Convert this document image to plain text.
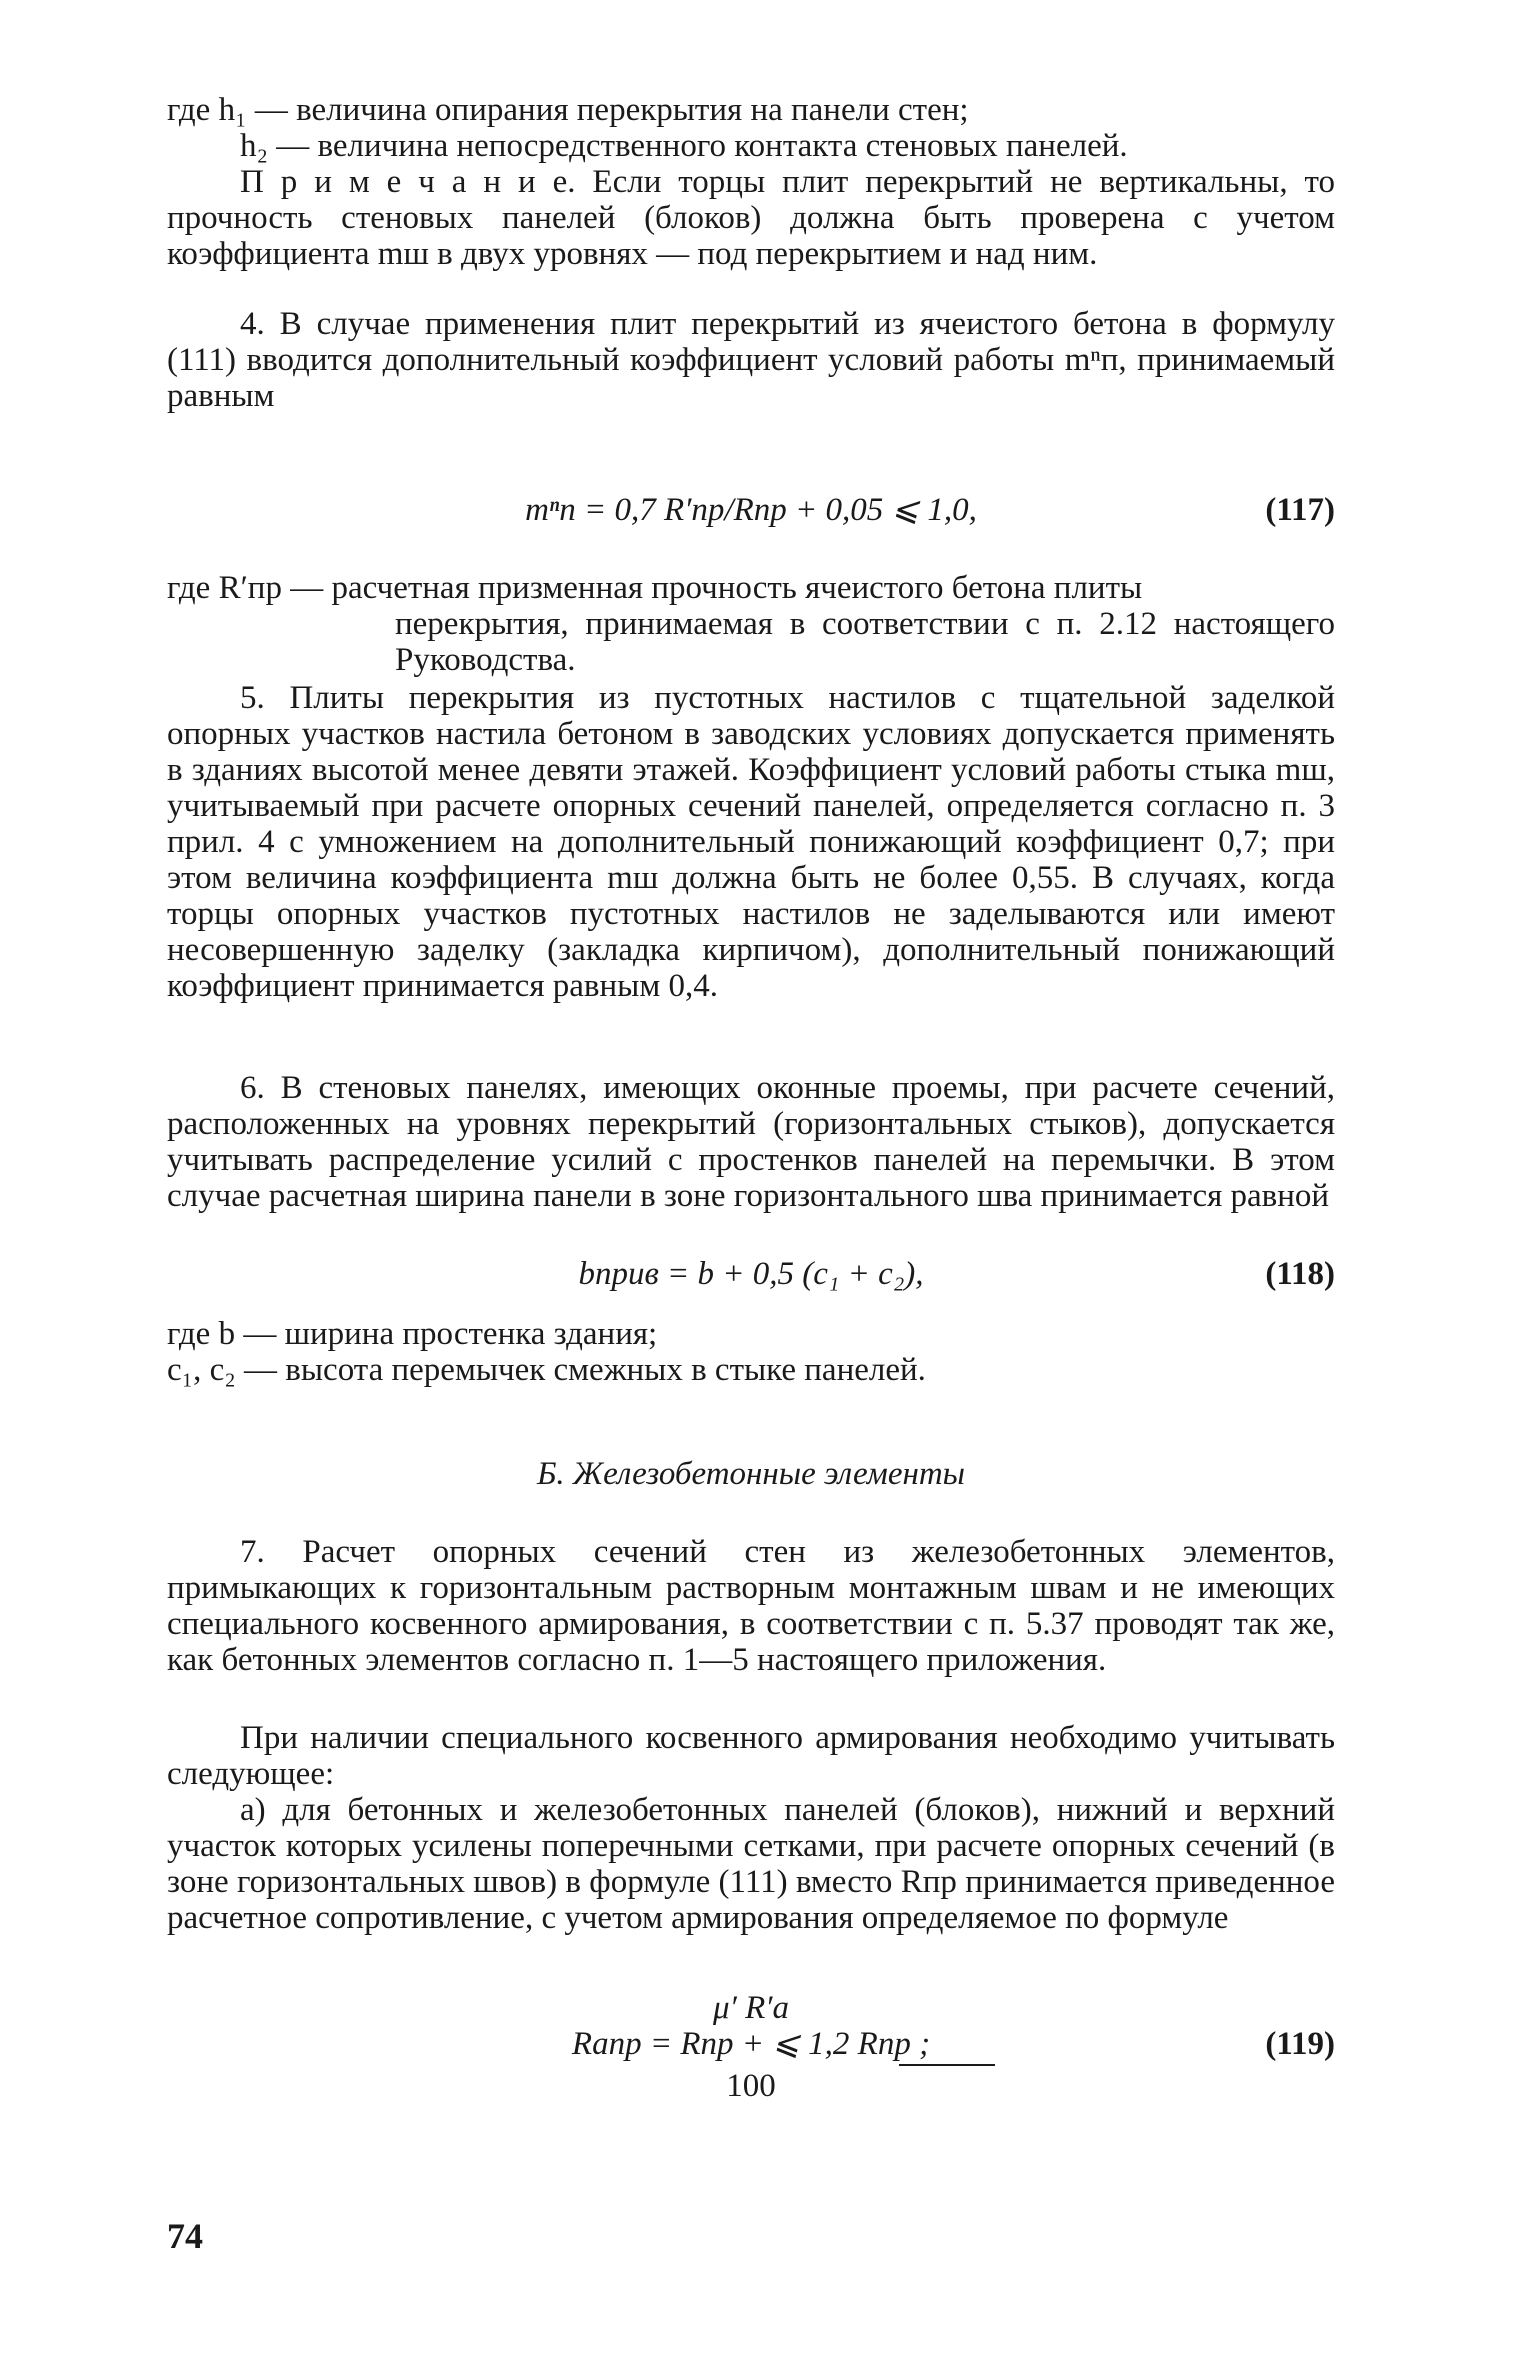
где h₁ — величина опирания перекрытия на панели стен;

h₂ — величина непосредственного контакта стеновых панелей.

П р и м е ч а н и е. Если торцы плит перекрытий не вертикальны, то прочность стеновых панелей (блоков) должна быть проверена с учетом коэффициента mш в двух уровнях — под перекрытием и над ним.

4. В случае применения плит перекрытий из ячеистого бетона в формулу (111) вводится дополнительный коэффициент условий работы mⁿп, принимаемый равным

mⁿп = 0,7 R′пр/Rпр + 0,05 ⩽ 1,0,	(117)

где R′пр — расчетная призменная прочность ячеистого бетона плиты

перекрытия, принимаемая в соответствии с п. 2.12 настоящего Руководства.

5. Плиты перекрытия из пустотных настилов с тщательной заделкой опорных участков настила бетоном в заводских условиях допускается применять в зданиях высотой менее девяти этажей. Коэффициент условий работы стыка mш, учитываемый при расчете опорных сечений панелей, определяется согласно п. 3 прил. 4 с умножением на дополнительный понижающий коэффициент 0,7; при этом величина коэффициента mш должна быть не более 0,55. В случаях, когда торцы опорных участков пустотных настилов не заделываются или имеют несовершенную заделку (закладка кирпичом), дополнительный понижающий коэффициент принимается равным 0,4.

6. В стеновых панелях, имеющих оконные проемы, при расчете сечений, расположенных на уровнях перекрытий (горизонтальных стыков), допускается учитывать распределение усилий с простенков панелей на перемычки. В этом случае расчетная ширина панели в зоне горизонтального шва принимается равной

bприв = b + 0,5 (c₁ + c₂),	(118)

где b — ширина простенка здания;

c₁, c₂ — высота перемычек смежных в стыке панелей.

Б. Железобетонные элементы

7. Расчет опорных сечений стен из железобетонных элементов, примыкающих к горизонтальным растворным монтажным швам и не имеющих специального косвенного армирования, в соответствии с п. 5.37 проводят так же, как бетонных элементов согласно п. 1—5 настоящего приложения.

При наличии специального косвенного армирования необходимо учитывать следующее:

а) для бетонных и железобетонных панелей (блоков), нижний и верхний участок которых усилены поперечными сетками, при расчете опорных сечений (в зоне горизонтальных швов) в формуле (111) вместо Rпр принимается приведенное расчетное сопротивление, с учетом армирования определяемое по формуле

μ′ R′а
Rапр = Rпр + ⩽ 1,2 Rпр ;
100
(119)
74
